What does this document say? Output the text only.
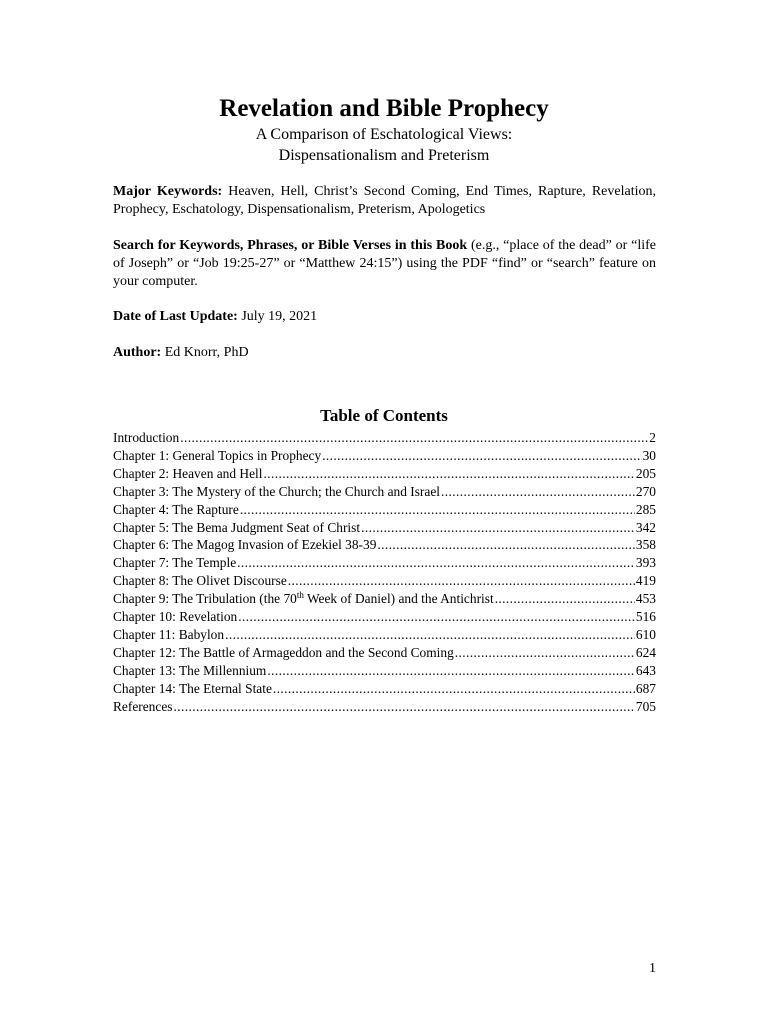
Revelation and Bible Prophecy
A Comparison of Eschatological Views:
Dispensationalism and Preterism
Major Keywords: Heaven, Hell, Christ’s Second Coming, End Times, Rapture, Revelation, Prophecy, Eschatology, Dispensationalism, Preterism, Apologetics
Search for Keywords, Phrases, or Bible Verses in this Book (e.g., “place of the dead” or “life of Joseph” or “Job 19:25-27” or “Matthew 24:15”) using the PDF “find” or “search” feature on your computer.
Date of Last Update: July 19, 2021
Author: Ed Knorr, PhD
Table of Contents
Introduction .....	2
Chapter 1: General Topics in Prophecy .....	30
Chapter 2: Heaven and Hell .....	205
Chapter 3: The Mystery of the Church; the Church and Israel .....	270
Chapter 4: The Rapture .....	285
Chapter 5: The Bema Judgment Seat of Christ .....	342
Chapter 6: The Magog Invasion of Ezekiel 38-39 .....	358
Chapter 7: The Temple .....	393
Chapter 8: The Olivet Discourse .....	419
Chapter 9: The Tribulation (the 70th Week of Daniel) and the Antichrist .....	453
Chapter 10: Revelation .....	516
Chapter 11: Babylon .....	610
Chapter 12: The Battle of Armageddon and the Second Coming .....	624
Chapter 13: The Millennium .....	643
Chapter 14: The Eternal State .....	687
References .....	705
1
